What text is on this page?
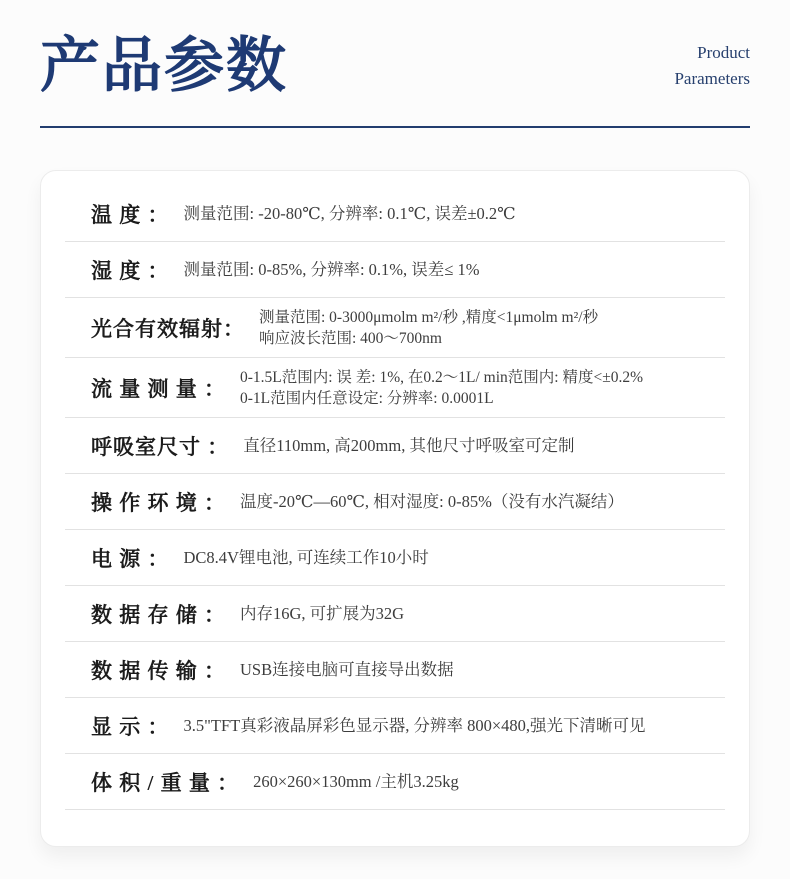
产品参数	Product
Parameters
温 度 ： 测量范围: -20-80℃, 分辨率: 0.1℃, 误差±0.2℃
湿 度 ： 测量范围: 0-85%, 分辨率: 0.1%, 误差≤ 1%
光合有效辐射： 测量范围: 0-3000μmolm m²/秒 ,精度<1μmolm m²/秒
响应波长范围: 400～700nm
流 量 测 量 ： 0-1.5L范围内: 误 差: 1%, 在0.2～1L/ min范围内: 精度<±0.2%
0-1L范围内任意设定: 分辨率: 0.0001L
呼吸室尺寸 ： 直径110mm, 高200mm, 其他尺寸呼吸室可定制
操 作 环 境 ： 温度-20℃—60℃, 相对湿度: 0-85%（没有水汽凝结）
电 源 ： DC8.4V锂电池, 可连续工作10小时
数 据 存 储 ： 内存16G, 可扩展为32G
数 据 传 输 ： USB连接电脑可直接导出数据
显 示 ： 3.5"TFT真彩液晶屏彩色显示器, 分辨率 800×480,强光下清晰可见
体 积 / 重 量 ： 260×260×130mm /主机3.25kg
